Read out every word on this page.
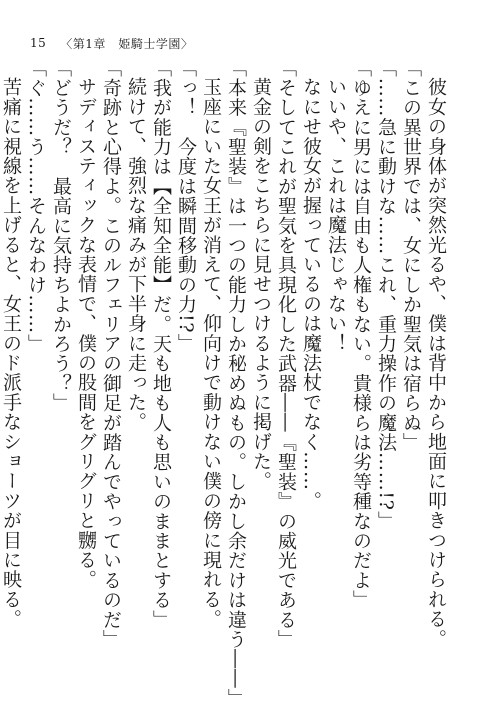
15 〈第1章　姫騎士学園〉
彼女の身体が突然光るや、僕は背中から地面に叩きつけられる。
「この異世界では、女にしか聖気は宿らぬ」
「……急に動けな……これ、重力操作の魔法……!?」
「ゆえに男には自由も人権もない。貴様らは劣等種なのだよ」
いいや、これは魔法じゃない！
なにせ彼女が握っているのは魔法杖でなく……。
「そしてこれが聖気を具現化した武器――『聖装』の威光である」
黄金の剣をこちらに見せつけるように掲げた。
「本来『聖装』は一つの能力しか秘めぬもの。しかし余だけは違う――」
玉座にいた女王が消えて、仰向けで動けない僕の傍に現れる。
「っ！　今度は瞬間移動の力!?」
「我が能力は【全知全能】だ。天も地も人も思いのままとする」
続けて、強烈な痛みが下半身に走った。
「奇跡と心得よ。このルフェリアの御足が踏んでやっているのだ」
サディスティックな表情で、僕の股間をグリグリと嬲る。
「どうだ？　最高に気持ちよかろう？」
「ぐ……う……そんなわけ……」
苦痛に視線を上げると、女王のド派手なショーツが目に映る。
